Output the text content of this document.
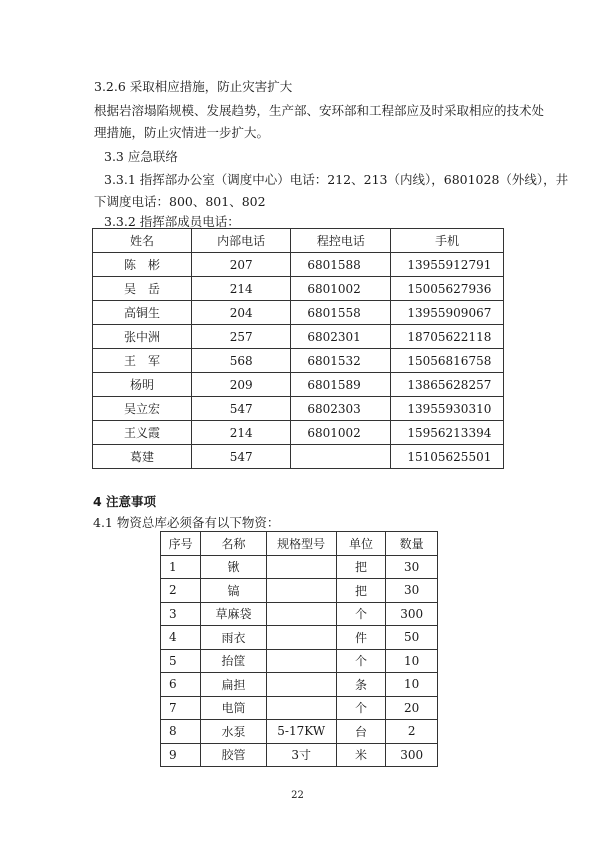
3.2.6 采取相应措施，防止灾害扩大
根据岩溶塌陷规模、发展趋势，生产部、安环部和工程部应及时采取相应的技术处
理措施，防止灾情进一步扩大。
3.3 应急联络
3.3.1 指挥部办公室（调度中心）电话：212、213（内线），6801028（外线），井
下调度电话：800、801、802
3.3.2 指挥部成员电话：
姓名	内部电话	程控电话	手机
陈　彬	207	6801588	13955912791
吴　岳	214	6801002	15005627936
高铜生	204	6801558	13955909067
张中洲	257	6802301	18705622118
王　军	568	6801532	15056816758
杨明	209	6801589	13865628257
吴立宏	547	6802303	13955930310
王义霞	214	6801002	15956213394
葛建	547		15105625501
4 注意事项
4.1 物资总库必须备有以下物资：
序号	名称	规格型号	单位	数量
1	锹		把	30
2	镐		把	30
3	草麻袋		个	300
4	雨衣		件	50
5	抬筐		个	10
6	扁担		条	10
7	电筒		个	20
8	水泵	5-17KW	台	2
9	胶管	3寸	米	300
22
